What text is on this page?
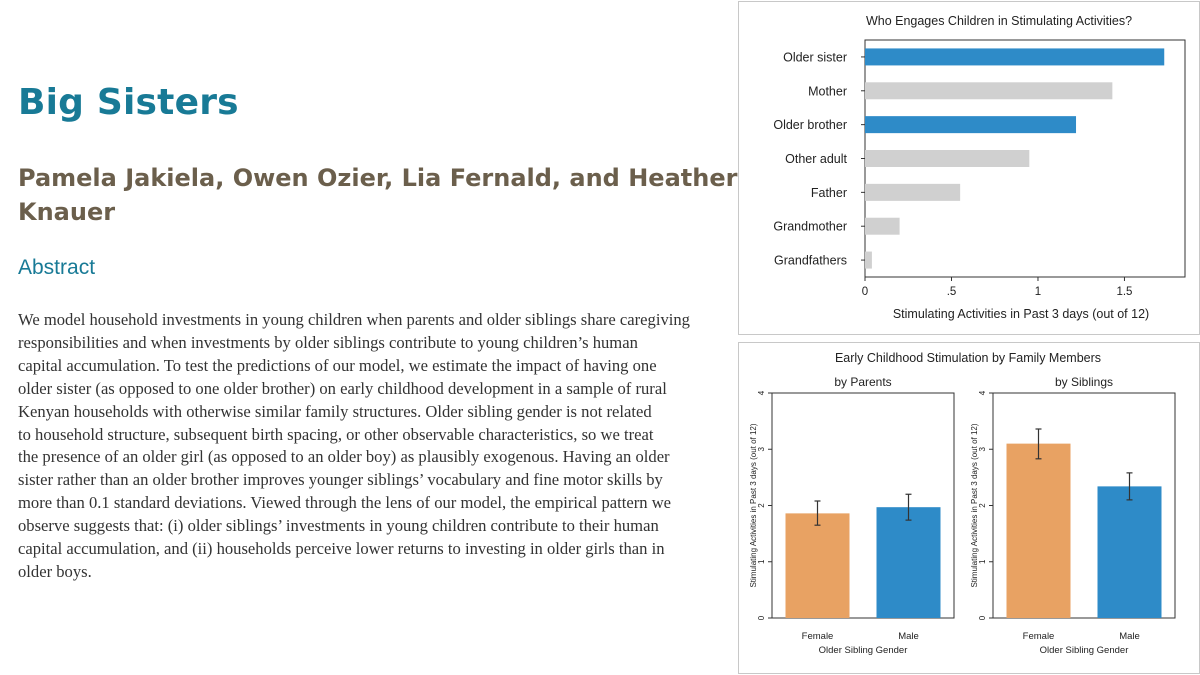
Big Sisters
Pamela Jakiela, Owen Ozier, Lia Fernald, and Heather Knauer
Abstract
We model household investments in young children when parents and older siblings share caregiving
responsibilities and when investments by older siblings contribute to young children’s human
capital accumulation. To test the predictions of our model, we estimate the impact of having one
older sister (as opposed to one older brother) on early childhood development in a sample of rural
Kenyan households with otherwise similar family structures. Older sibling gender is not related
to household structure, subsequent birth spacing, or other observable characteristics, so we treat
the presence of an older girl (as opposed to an older boy) as plausibly exogenous. Having an older
sister rather than an older brother improves younger siblings’ vocabulary and fine motor skills by
more than 0.1 standard deviations. Viewed through the lens of our model, the empirical pattern we
observe suggests that: (i) older siblings’ investments in young children contribute to their human
capital accumulation, and (ii) households perceive lower returns to investing in older girls than in
older boys.
Who Engages Children in Stimulating Activities?
Stimulating Activities in Past 3 days (out of 12)
Older sister
Mother
Older brother
Other adult
Father
Grandmother
Grandfathers
0	.5	1	1.5
Early Childhood Stimulation by Family Members
by Parents
0
1
2
3
4
Stimulating Activities in Past 3 days (out of 12)
Female	Male
Older Sibling Gender
by Siblings
0
1
2
3
4
Stimulating Activities in Past 3 days (out of 12)
Female	Male
Older Sibling Gender
